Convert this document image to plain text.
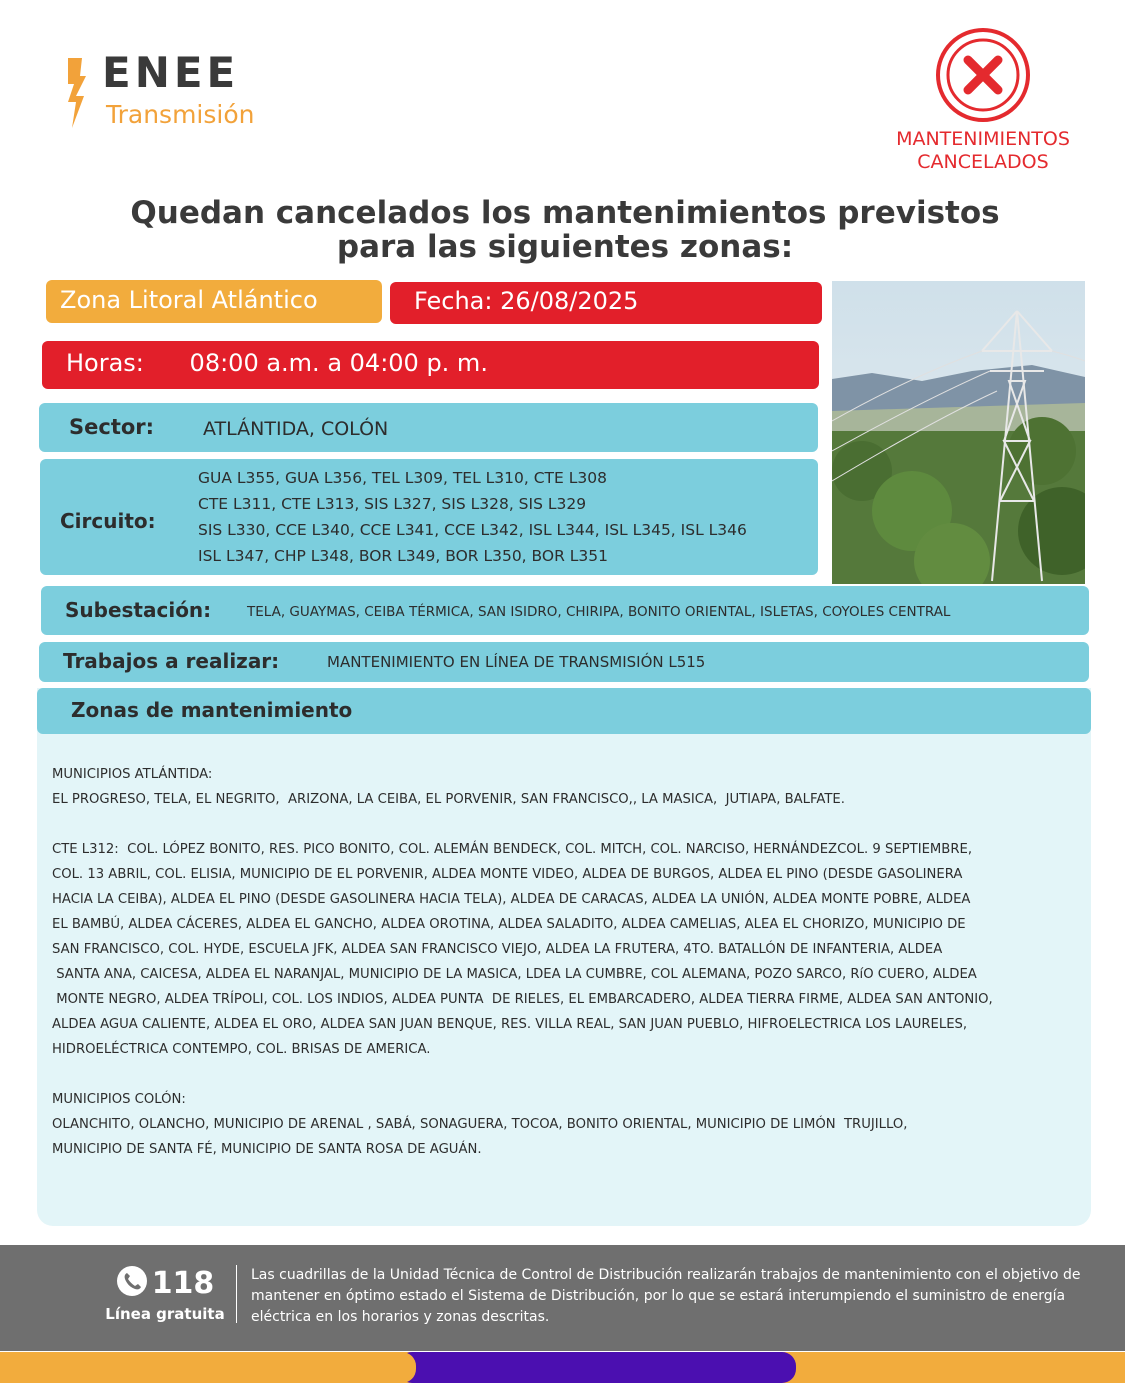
ENEE
Transmisión
MANTENIMIENTOS
CANCELADOS
Quedan cancelados los mantenimientos previstos
para las siguientes zonas:
Zona Litoral Atlántico	Fecha: 26/08/2025
Horas: 08:00 a.m. a 04:00 p. m.
Sector:	ATLÁNTIDA, COLÓN
Circuito:
GUA L355, GUA L356, TEL L309, TEL L310, CTE L308
CTE L311, CTE L313, SIS L327, SIS L328, SIS L329
SIS L330, CCE L340, CCE L341, CCE L342, ISL L344, ISL L345, ISL L346
ISL L347, CHP L348, BOR L349, BOR L350, BOR L351
Subestación:	TELA, GUAYMAS, CEIBA TÉRMICA, SAN ISIDRO, CHIRIPA, BONITO ORIENTAL, ISLETAS, COYOLES CENTRAL
Trabajos a realizar:	MANTENIMIENTO EN LÍNEA DE TRANSMISIÓN L515
Zonas de mantenimiento

MUNICIPIOS ATLÁNTIDA:
EL PROGRESO, TELA, EL NEGRITO,  ARIZONA, LA CEIBA, EL PORVENIR, SAN FRANCISCO,, LA MASICA,  JUTIAPA, BALFATE.

CTE L312:  COL. LÓPEZ BONITO, RES. PICO BONITO, COL. ALEMÁN BENDECK, COL. MITCH, COL. NARCISO, HERNÁNDEZCOL. 9 SEPTIEMBRE,
COL. 13 ABRIL, COL. ELISIA, MUNICIPIO DE EL PORVENIR, ALDEA MONTE VIDEO, ALDEA DE BURGOS, ALDEA EL PINO (DESDE GASOLINERA
HACIA LA CEIBA), ALDEA EL PINO (DESDE GASOLINERA HACIA TELA), ALDEA DE CARACAS, ALDEA LA UNIÓN, ALDEA MONTE POBRE, ALDEA
EL BAMBÚ, ALDEA CÁCERES, ALDEA EL GANCHO, ALDEA OROTINA, ALDEA SALADITO, ALDEA CAMELIAS, ALEA EL CHORIZO, MUNICIPIO DE
SAN FRANCISCO, COL. HYDE, ESCUELA JFK, ALDEA SAN FRANCISCO VIEJO, ALDEA LA FRUTERA, 4TO. BATALLÓN DE INFANTERIA, ALDEA
SANTA ANA, CAICESA, ALDEA EL NARANJAL, MUNICIPIO DE LA MASICA, LDEA LA CUMBRE, COL ALEMANA, POZO SARCO, RíO CUERO, ALDEA
MONTE NEGRO, ALDEA TRÍPOLI, COL. LOS INDIOS, ALDEA PUNTA  DE RIELES, EL EMBARCADERO, ALDEA TIERRA FIRME, ALDEA SAN ANTONIO,
ALDEA AGUA CALIENTE, ALDEA EL ORO, ALDEA SAN JUAN BENQUE, RES. VILLA REAL, SAN JUAN PUEBLO, HIFROELECTRICA LOS LAURELES,
HIDROELÉCTRICA CONTEMPO, COL. BRISAS DE AMERICA.

MUNICIPIOS COLÓN:
OLANCHITO, OLANCHO, MUNICIPIO DE ARENAL , SABÁ, SONAGUERA, TOCOA, BONITO ORIENTAL, MUNICIPIO DE LIMÓN  TRUJILLO,
MUNICIPIO DE SANTA FÉ, MUNICIPIO DE SANTA ROSA DE AGUÁN.

118
Línea gratuita
Las cuadrillas de la Unidad Técnica de Control de Distribución realizarán trabajos de mantenimiento con el objetivo de mantener en óptimo estado el Sistema de Distribución, por lo que se estará interumpiendo el suministro de energía eléctrica en los horarios y zonas descritas.
